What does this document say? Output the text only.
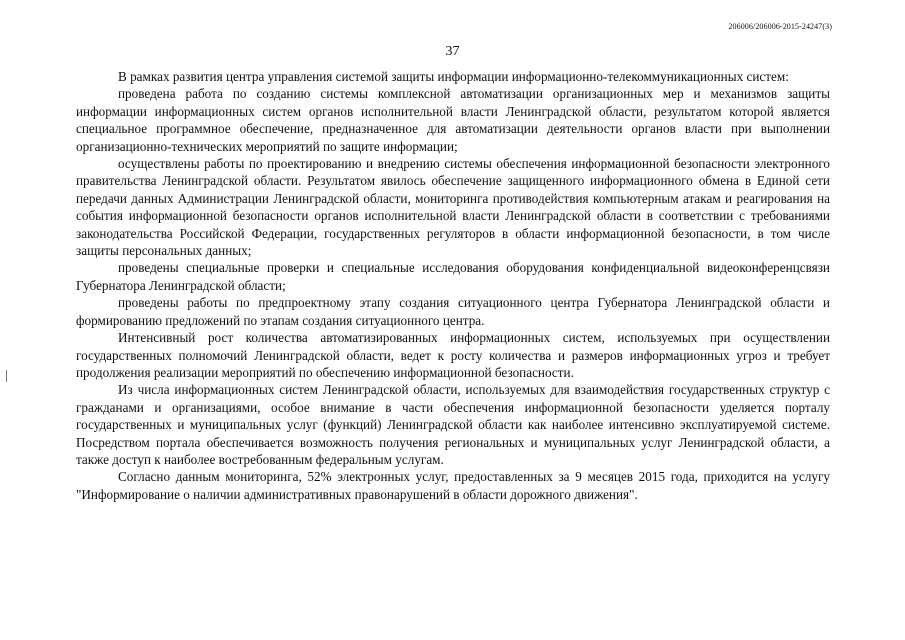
206006/206006-2015-24247(3)
37

В рамках развития центра управления системой защиты информации информационно-телекоммуникационных систем:

проведена работа по созданию системы комплексной автоматизации организационных мер и механизмов защиты информации информационных систем органов исполнительной власти Ленинградской области, результатом которой является специальное программное обеспечение, предназначенное для автоматизации деятельности органов власти при выполнении организационно-технических мероприятий по защите информации;

осуществлены работы по проектированию и внедрению системы обеспечения информационной безопасности электронного правительства Ленинградской области. Результатом явилось обеспечение защищенного информационного обмена в Единой сети передачи данных Администрации Ленинградской области, мониторинга противодействия компьютерным атакам и реагирования на события информационной безопасности органов исполнительной власти Ленинградской области в соответствии с требованиями законодательства Российской Федерации, государственных регуляторов в области информационной безопасности, в том числе защиты персональных данных;

проведены специальные проверки и специальные исследования оборудования конфиденциальной видеоконференцсвязи Губернатора Ленинградской области;

проведены работы по предпроектному этапу создания ситуационного центра Губернатора Ленинградской области и формированию предложений по этапам создания ситуационного центра.

Интенсивный рост количества автоматизированных информационных систем, используемых при осуществлении государственных полномочий Ленинградской области, ведет к росту количества и размеров информационных угроз и требует продолжения реализации мероприятий по обеспечению информационной безопасности.

Из числа информационных систем Ленинградской области, используемых для взаимодействия государственных структур с гражданами и организациями, особое внимание в части обеспечения информационной безопасности уделяется порталу государственных и муниципальных услуг (функций) Ленинградской области как наиболее интенсивно эксплуатируемой системе. Посредством портала обеспечивается возможность получения региональных и муниципальных услуг Ленинградской области, а также доступ к наиболее востребованным федеральным услугам.

Согласно данным мониторинга, 52% электронных услуг, предоставленных за 9 месяцев 2015 года, приходится на услугу "Информирование о наличии административных правонарушений в области дорожного движения".
